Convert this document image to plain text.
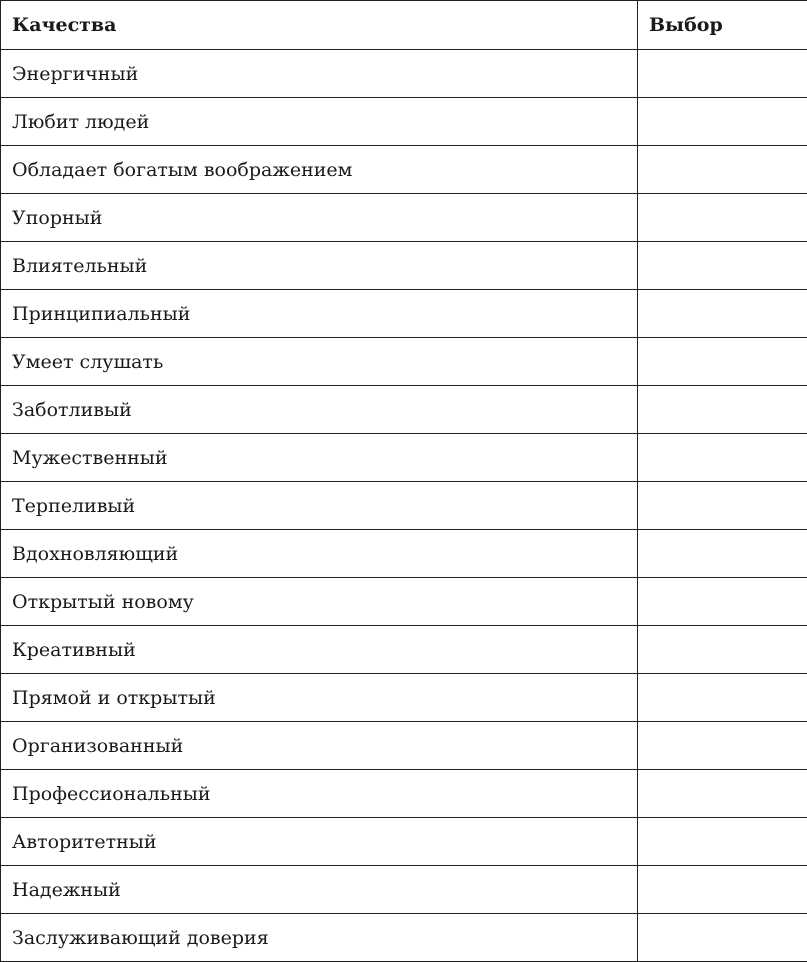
Качества	Выбор
Энергичный	
Любит людей	
Обладает богатым воображением	
Упорный	
Влиятельный	
Принципиальный	
Умеет слушать	
Заботливый	
Мужественный	
Терпеливый	
Вдохновляющий	
Открытый новому	
Креативный	
Прямой и открытый	
Организованный	
Профессиональный	
Авторитетный	
Надежный	
Заслуживающий доверия	
